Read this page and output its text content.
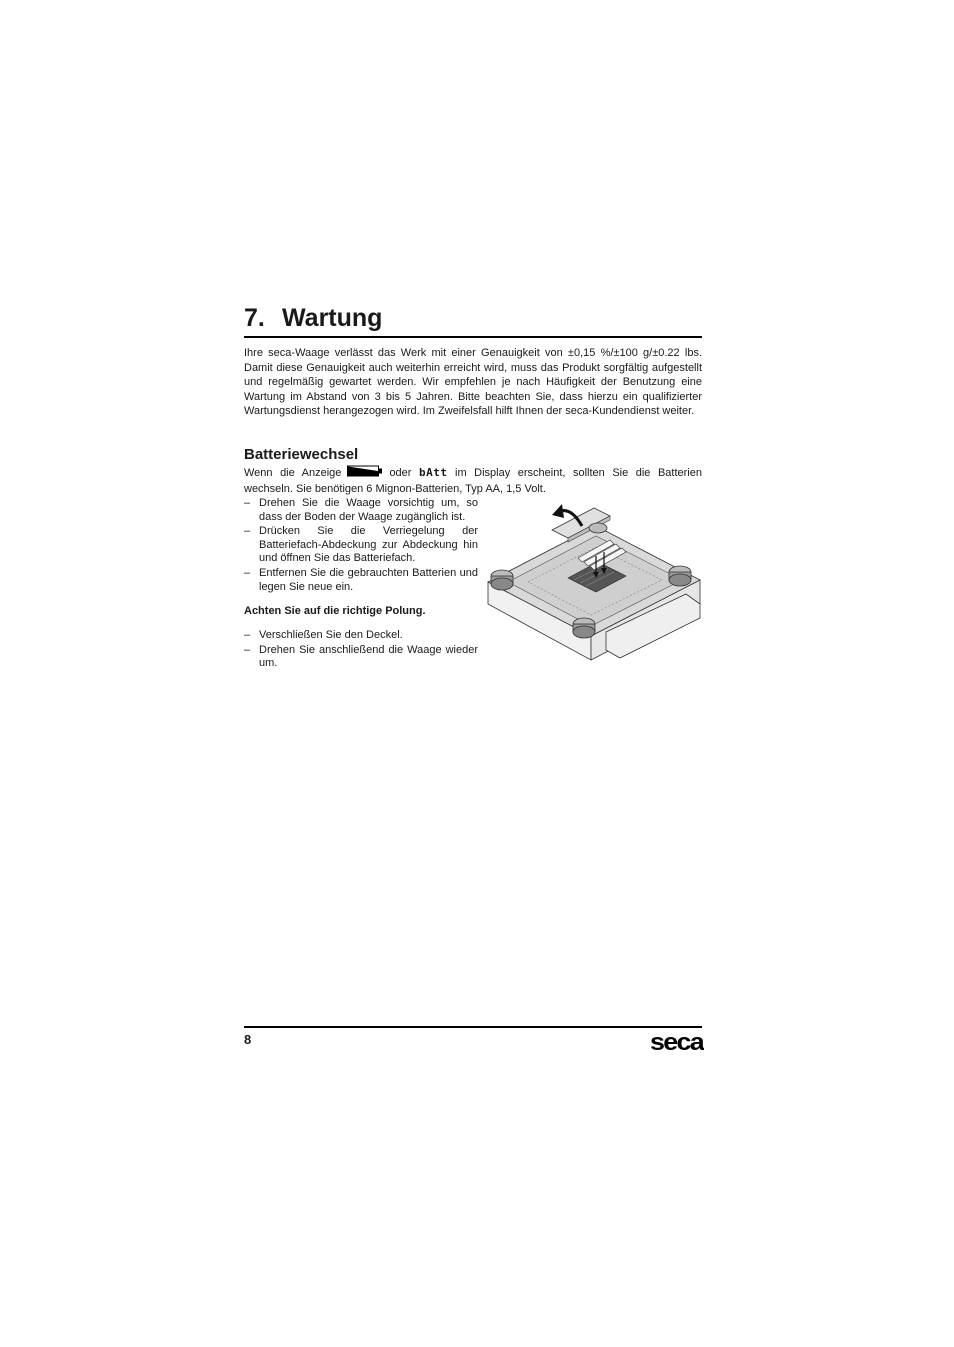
7. Wartung

Ihre seca-Waage verlässt das Werk mit einer Genauigkeit von ±0,15 %/±100 g/±0.22 lbs. Damit diese Genauigkeit auch weiterhin erreicht wird, muss das Produkt sorgfältig aufgestellt und regelmäßig gewartet werden. Wir empfehlen je nach Häufigkeit der Benutzung eine Wartung im Abstand von 3 bis 5 Jahren. Bitte beachten Sie, dass hierzu ein qualifizierter Wartungsdienst herangezogen wird. Im Zweifelsfall hilft Ihnen der seca-Kundendienst weiter.

Batteriewechsel

Wenn die Anzeige	oder bAtt im Display erscheint, sollten Sie die Batterien wechseln. Sie benötigen 6 Mignon-Batterien, Typ AA, 1,5 Volt.

– Drehen Sie die Waage vorsichtig um, so dass der Boden der Waage zugänglich ist.
– Drücken Sie die Verriegelung der Batteriefach-Abdeckung zur Abdeckung hin und öffnen Sie das Batteriefach.
– Entfernen Sie die gebrauchten Batterien und legen Sie neue ein.

Achten Sie auf die richtige Polung.

– Verschließen Sie den Deckel.
– Drehen Sie anschließend die Waage wieder um.
8	seca
